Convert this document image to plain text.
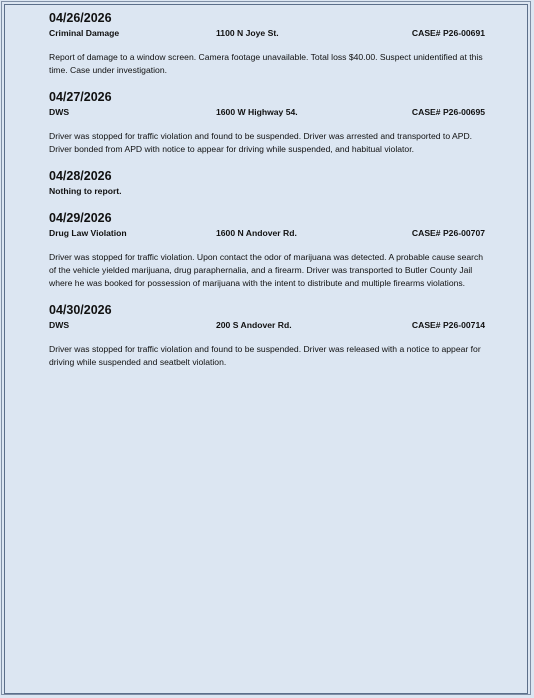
04/26/2026
Criminal Damage	1100 N Joye St.	CASE# P26-00691
Report of damage to a window screen. Camera footage unavailable. Total loss $40.00. Suspect unidentified at this time. Case under investigation.
04/27/2026
DWS	1600 W Highway 54.	CASE# P26-00695
Driver was stopped for traffic violation and found to be suspended. Driver was arrested and transported to APD. Driver bonded from APD with notice to appear for driving while suspended, and habitual violator.
04/28/2026
Nothing to report.
04/29/2026
Drug Law Violation	1600 N Andover Rd.	CASE# P26-00707
Driver was stopped for traffic violation. Upon contact the odor of marijuana was detected. A probable cause search of the vehicle yielded marijuana, drug paraphernalia, and a firearm. Driver was transported to Butler County Jail where he was booked for possession of marijuana with the intent to distribute and multiple firearms violations.
04/30/2026
DWS	200 S Andover Rd.	CASE# P26-00714
Driver was stopped for traffic violation and found to be suspended. Driver was released with a notice to appear for driving while suspended and seatbelt violation.
